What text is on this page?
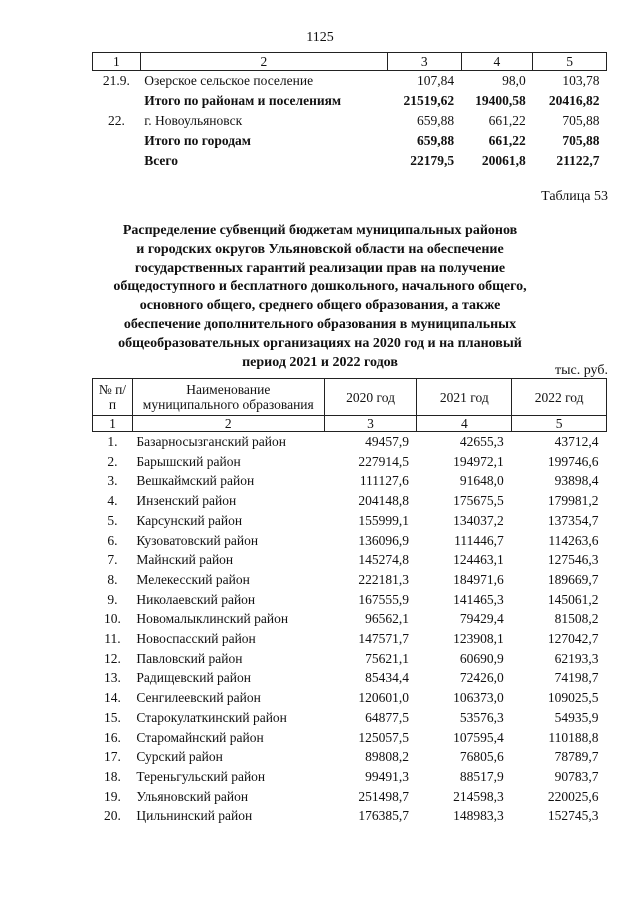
1125
1	2	3	4	5
21.9.	Озерское сельское поселение	107,84	98,0	103,78
	Итого по районам и поселениям	21519,62	19400,58	20416,82
22.	г. Новоульяновск	659,88	661,22	705,88
	Итого по городам	659,88	661,22	705,88
	Всего	22179,5	20061,8	21122,7
Таблица 53
Распределение субвенций бюджетам муниципальных районов
и городских округов Ульяновской области на обеспечение
государственных гарантий реализации прав на получение
общедоступного и бесплатного дошкольного, начального общего,
основного общего, среднего общего образования, а также
обеспечение дополнительного образования в муниципальных
общеобразовательных организациях на 2020 год и на плановый
период 2021 и 2022 годов
тыс. руб.
№ п/п	Наименование муниципального образования	2020 год	2021 год	2022 год
1	2	3	4	5
1.	Базарносызганский район	49457,9	42655,3	43712,4
2.	Барышский район	227914,5	194972,1	199746,6
3.	Вешкаймский район	111127,6	91648,0	93898,4
4.	Инзенский район	204148,8	175675,5	179981,2
5.	Карсунский район	155999,1	134037,2	137354,7
6.	Кузоватовский район	136096,9	111446,7	114263,6
7.	Майнский район	145274,8	124463,1	127546,3
8.	Мелекесский район	222181,3	184971,6	189669,7
9.	Николаевский район	167555,9	141465,3	145061,2
10.	Новомалыклинский район	96562,1	79429,4	81508,2
11.	Новоспасский район	147571,7	123908,1	127042,7
12.	Павловский район	75621,1	60690,9	62193,3
13.	Радищевский район	85434,4	72426,0	74198,7
14.	Сенгилеевский район	120601,0	106373,0	109025,5
15.	Старокулаткинский район	64877,5	53576,3	54935,9
16.	Старомайнский район	125057,5	107595,4	110188,8
17.	Сурский район	89808,2	76805,6	78789,7
18.	Тереньгульский район	99491,3	88517,9	90783,7
19.	Ульяновский район	251498,7	214598,3	220025,6
20.	Цильнинский район	176385,7	148983,3	152745,3
